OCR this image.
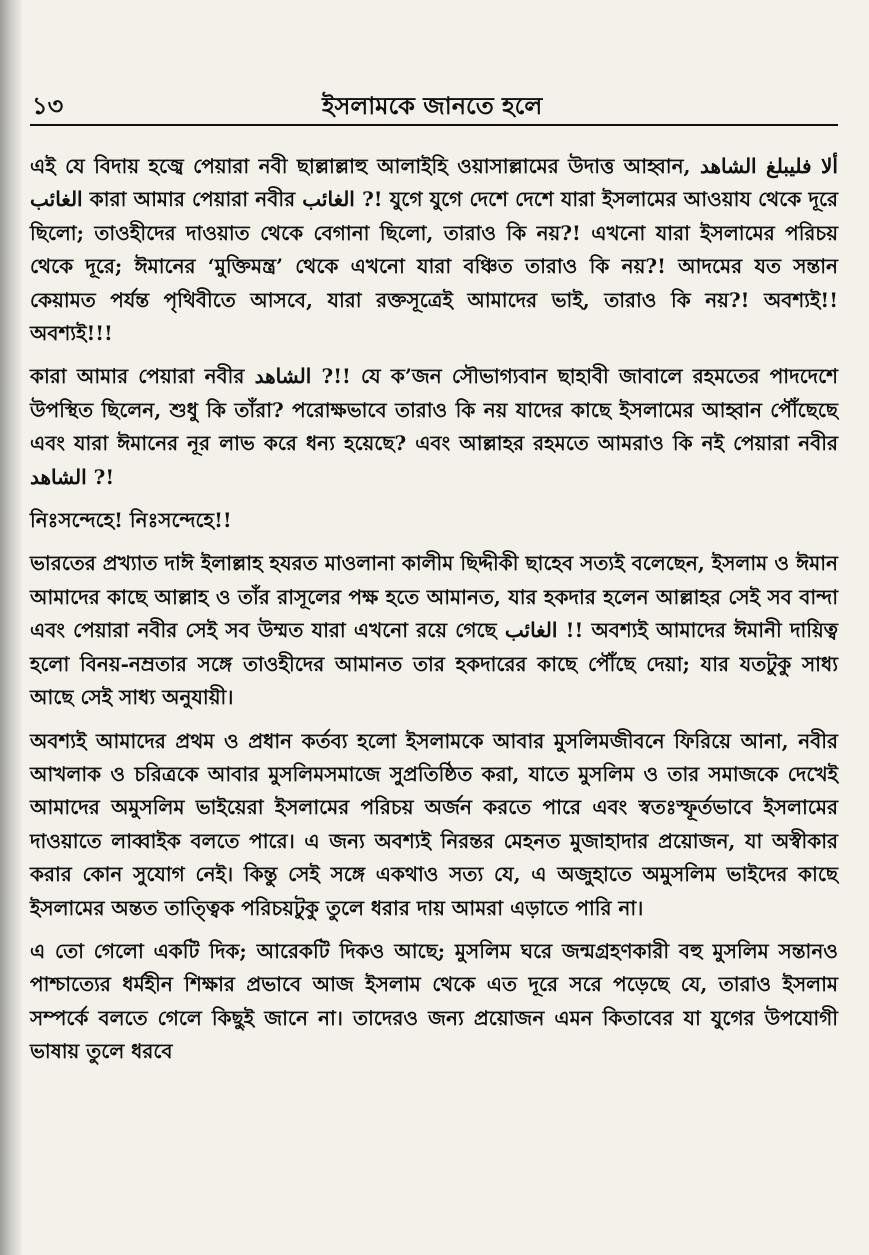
১৩	ইসলামকে জানতে হলে

এই যে বিদায় হজ্বে পেয়ারা নবী ছাল্লাল্লাহু আলাইহি ওয়াসাল্লামের উদাত্ত আহ্বান, ألا فليبلغ الشاهد الغائب কারা আমার পেয়ারা নবীর الغائب ?! যুগে যুগে দেশে দেশে যারা ইসলামের আওয়ায থেকে দূরে ছিলো; তাওহীদের দাওয়াত থেকে বেগানা ছিলো, তারাও কি নয়?! এখনো যারা ইসলামের পরিচয় থেকে দূরে; ঈমানের ‘মুক্তিমন্ত্র’ থেকে এখনো যারা বঞ্চিত তারাও কি নয়?! আদমের যত সন্তান কেয়ামত পর্যন্ত পৃথিবীতে আসবে, যারা রক্তসূত্রেই আমাদের ভাই, তারাও কি নয়?! অবশ্যই!! অবশ্যই!!!

কারা আমার পেয়ারা নবীর الشاهد ?!! যে ক’জন সৌভাগ্যবান ছাহাবী জাবালে রহমতের পাদদেশে উপস্থিত ছিলেন, শুধু কি তাঁরা? পরোক্ষভাবে তারাও কি নয় যাদের কাছে ইসলামের আহ্বান পৌঁছেছে এবং যারা ঈমানের নূর লাভ করে ধন্য হয়েছে? এবং আল্লাহর রহমতে আমরাও কি নই পেয়ারা নবীর الشاهد ?!

নিঃসন্দেহে! নিঃসন্দেহে!!

ভারতের প্রখ্যাত দাঈ ইলাল্লাহ হযরত মাওলানা কালীম ছিদ্দীকী ছাহেব সত্যই বলেছেন, ইসলাম ও ঈমান আমাদের কাছে আল্লাহ ও তাঁর রাসূলের পক্ষ হতে আমানত, যার হকদার হলেন আল্লাহর সেই সব বান্দা এবং পেয়ারা নবীর সেই সব উম্মত যারা এখনো রয়ে গেছে الغائب !! অবশ্যই আমাদের ঈমানী দায়িত্ব হলো বিনয়-নম্রতার সঙ্গে তাওহীদের আমানত তার হকদারের কাছে পৌঁছে দেয়া; যার যতটুকু সাধ্য আছে সেই সাধ্য অনুযায়ী।

অবশ্যই আমাদের প্রথম ও প্রধান কর্তব্য হলো ইসলামকে আবার মুসলিমজীবনে ফিরিয়ে আনা, নবীর আখলাক ও চরিত্রকে আবার মুসলিমসমাজে সুপ্রতিষ্ঠিত করা, যাতে মুসলিম ও তার সমাজকে দেখেই আমাদের অমুসলিম ভাইয়েরা ইসলামের পরিচয় অর্জন করতে পারে এবং স্বতঃস্ফূর্তভাবে ইসলামের দাওয়াতে লাব্বাইক বলতে পারে। এ জন্য অবশ্যই নিরন্তর মেহনত মুজাহাদার প্রয়োজন, যা অস্বীকার করার কোন সুযোগ নেই। কিন্তু সেই সঙ্গে একথাও সত্য যে, এ অজুহাতে অমুসলিম ভাইদের কাছে ইসলামের অন্তত তাত্ত্বিক পরিচয়টুকু তুলে ধরার দায় আমরা এড়াতে পারি না।

এ তো গেলো একটি দিক; আরেকটি দিকও আছে; মুসলিম ঘরে জন্মগ্রহণকারী বহু মুসলিম সন্তানও পাশ্চাত্যের ধর্মহীন শিক্ষার প্রভাবে আজ ইসলাম থেকে এত দূরে সরে পড়েছে যে, তারাও ইসলাম সম্পর্কে বলতে গেলে কিছুই জানে না। তাদেরও জন্য প্রয়োজন এমন কিতাবের যা যুগের উপযোগী ভাষায় তুলে ধরবে
